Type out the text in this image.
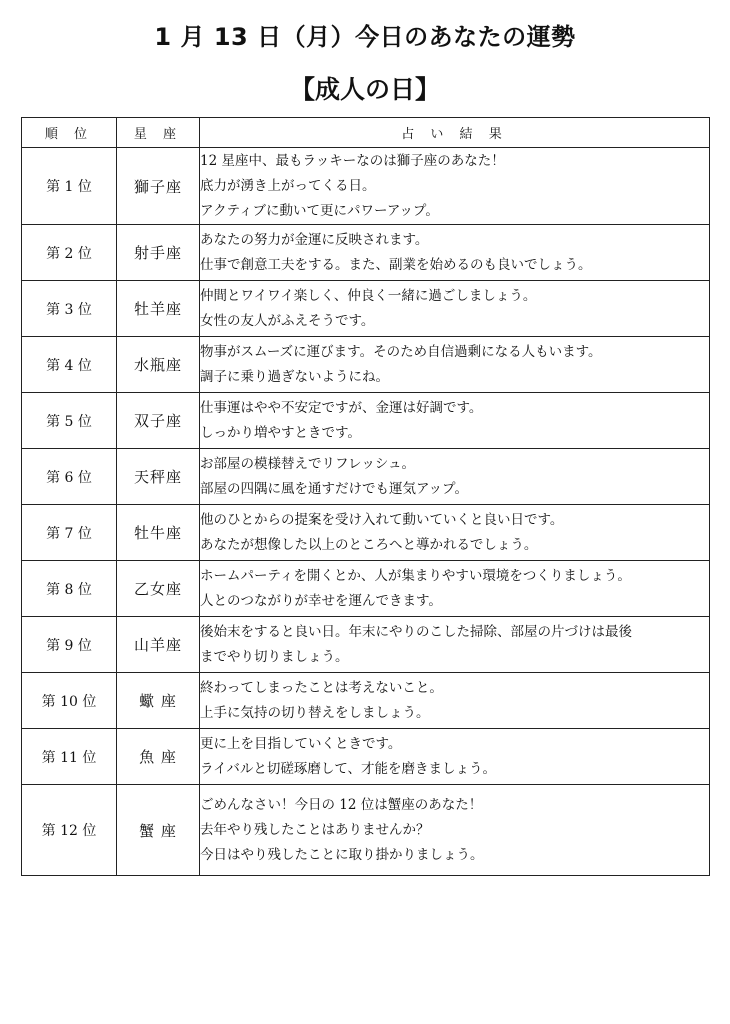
1 月 13 日（月）今日のあなたの運勢
【成人の日】
順 位	星 座	占 い 結 果
第 1 位	獅子座	12 星座中、最もラッキーなのは獅子座のあなた！
底力が湧き上がってくる日。
アクティブに動いて更にパワーアップ。

第 2 位	射手座	あなたの努力が金運に反映されます。
仕事で創意工夫をする。また、副業を始めるのも良いでしょう。

第 3 位	牡羊座	仲間とワイワイ楽しく、仲良く一緒に過ごしましょう。
女性の友人がふえそうです。

第 4 位	水瓶座	物事がスムーズに運びます。そのため自信過剰になる人もいます。
調子に乗り過ぎないようにね。

第 5 位	双子座	仕事運はやや不安定ですが、金運は好調です。
しっかり増やすときです。

第 6 位	天秤座	お部屋の模様替えでリフレッシュ。
部屋の四隅に風を通すだけでも運気アップ。

第 7 位	牡牛座	他のひとからの提案を受け入れて動いていくと良い日です。
あなたが想像した以上のところへと導かれるでしょう。

第 8 位	乙女座	ホームパーティを開くとか、人が集まりやすい環境をつくりましょう。
人とのつながりが幸せを運んできます。

第 9 位	山羊座	後始末をすると良い日。年末にやりのこした掃除、部屋の片づけは最後
までやり切りましょう。

第 10 位	蠍 座	終わってしまったことは考えないこと。
上手に気持の切り替えをしましょう。

第 11 位	魚 座	更に上を目指していくときです。
ライバルと切磋琢磨して、才能を磨きましょう。

第 12 位	蟹 座	ごめんなさい！今日の 12 位は蟹座のあなた！
去年やり残したことはありませんか？
今日はやり残したことに取り掛かりましょう。
